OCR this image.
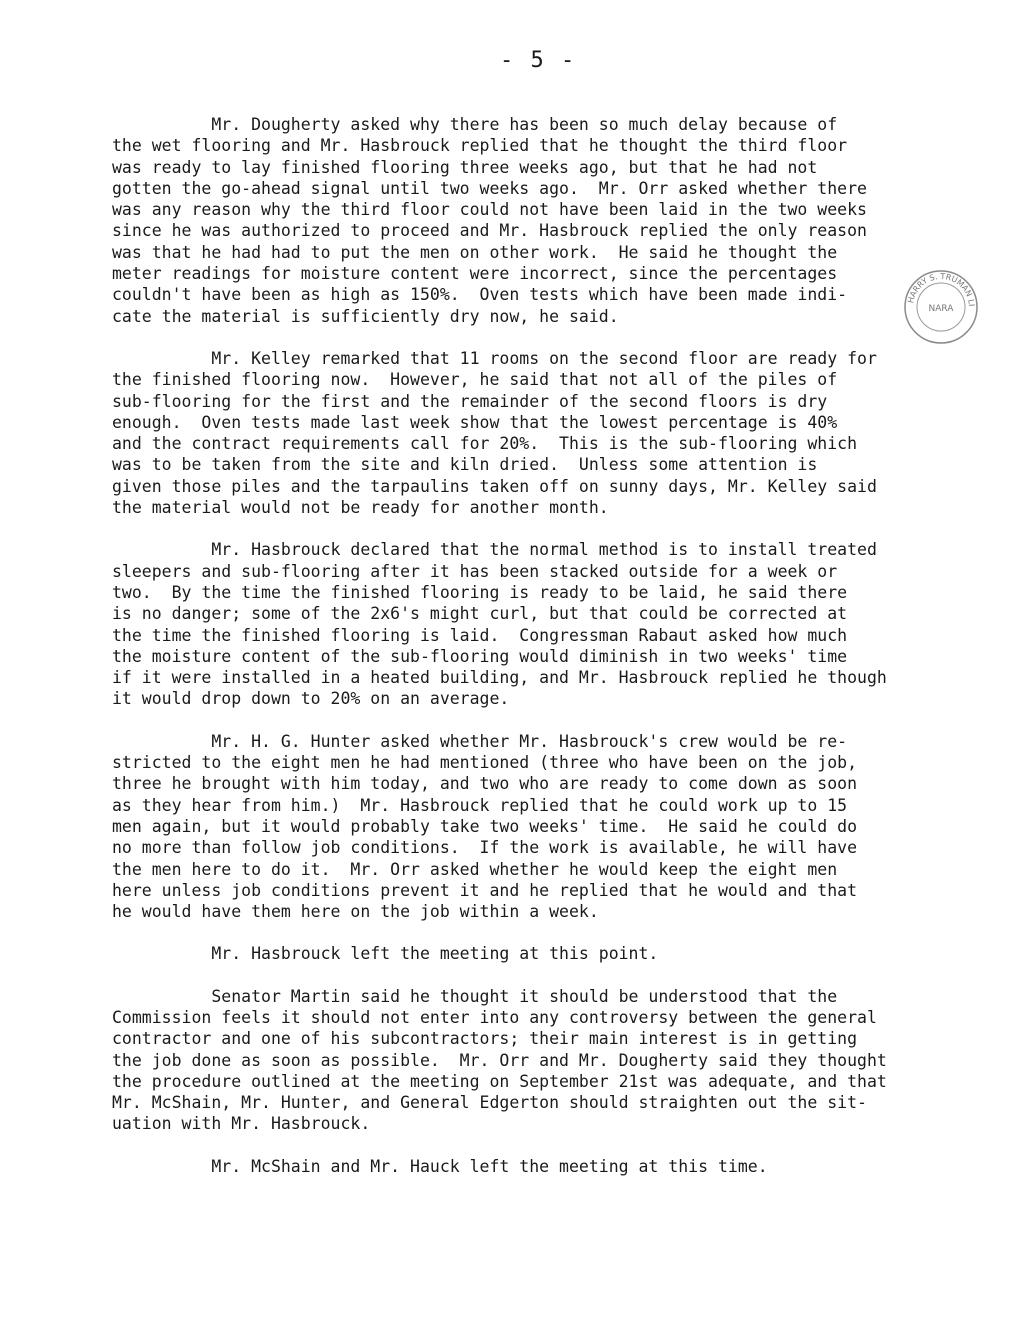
- 5 -
HARRY S. TRUMAN LI
NARA

Mr. Dougherty asked why there has been so much delay because of
the wet flooring and Mr. Hasbrouck replied that he thought the third floor
was ready to lay finished flooring three weeks ago, but that he had not
gotten the go-ahead signal until two weeks ago.  Mr. Orr asked whether there
was any reason why the third floor could not have been laid in the two weeks
since he was authorized to proceed and Mr. Hasbrouck replied the only reason
was that he had had to put the men on other work.  He said he thought the
meter readings for moisture content were incorrect, since the percentages
couldn't have been as high as 150%.  Oven tests which have been made indi-
cate the material is sufficiently dry now, he said.

Mr. Kelley remarked that 11 rooms on the second floor are ready for
the finished flooring now.  However, he said that not all of the piles of
sub-flooring for the first and the remainder of the second floors is dry
enough.  Oven tests made last week show that the lowest percentage is 40%
and the contract requirements call for 20%.  This is the sub-flooring which
was to be taken from the site and kiln dried.  Unless some attention is
given those piles and the tarpaulins taken off on sunny days, Mr. Kelley said
the material would not be ready for another month.

Mr. Hasbrouck declared that the normal method is to install treated
sleepers and sub-flooring after it has been stacked outside for a week or
two.  By the time the finished flooring is ready to be laid, he said there
is no danger; some of the 2x6's might curl, but that could be corrected at
the time the finished flooring is laid.  Congressman Rabaut asked how much
the moisture content of the sub-flooring would diminish in two weeks' time
if it were installed in a heated building, and Mr. Hasbrouck replied he though
it would drop down to 20% on an average.

Mr. H. G. Hunter asked whether Mr. Hasbrouck's crew would be re-
stricted to the eight men he had mentioned (three who have been on the job,
three he brought with him today, and two who are ready to come down as soon
as they hear from him.)  Mr. Hasbrouck replied that he could work up to 15
men again, but it would probably take two weeks' time.  He said he could do
no more than follow job conditions.  If the work is available, he will have
the men here to do it.  Mr. Orr asked whether he would keep the eight men
here unless job conditions prevent it and he replied that he would and that
he would have them here on the job within a week.

Mr. Hasbrouck left the meeting at this point.

Senator Martin said he thought it should be understood that the
Commission feels it should not enter into any controversy between the general
contractor and one of his subcontractors; their main interest is in getting
the job done as soon as possible.  Mr. Orr and Mr. Dougherty said they thought
the procedure outlined at the meeting on September 21st was adequate, and that
Mr. McShain, Mr. Hunter, and General Edgerton should straighten out the sit-
uation with Mr. Hasbrouck.

Mr. McShain and Mr. Hauck left the meeting at this time.
